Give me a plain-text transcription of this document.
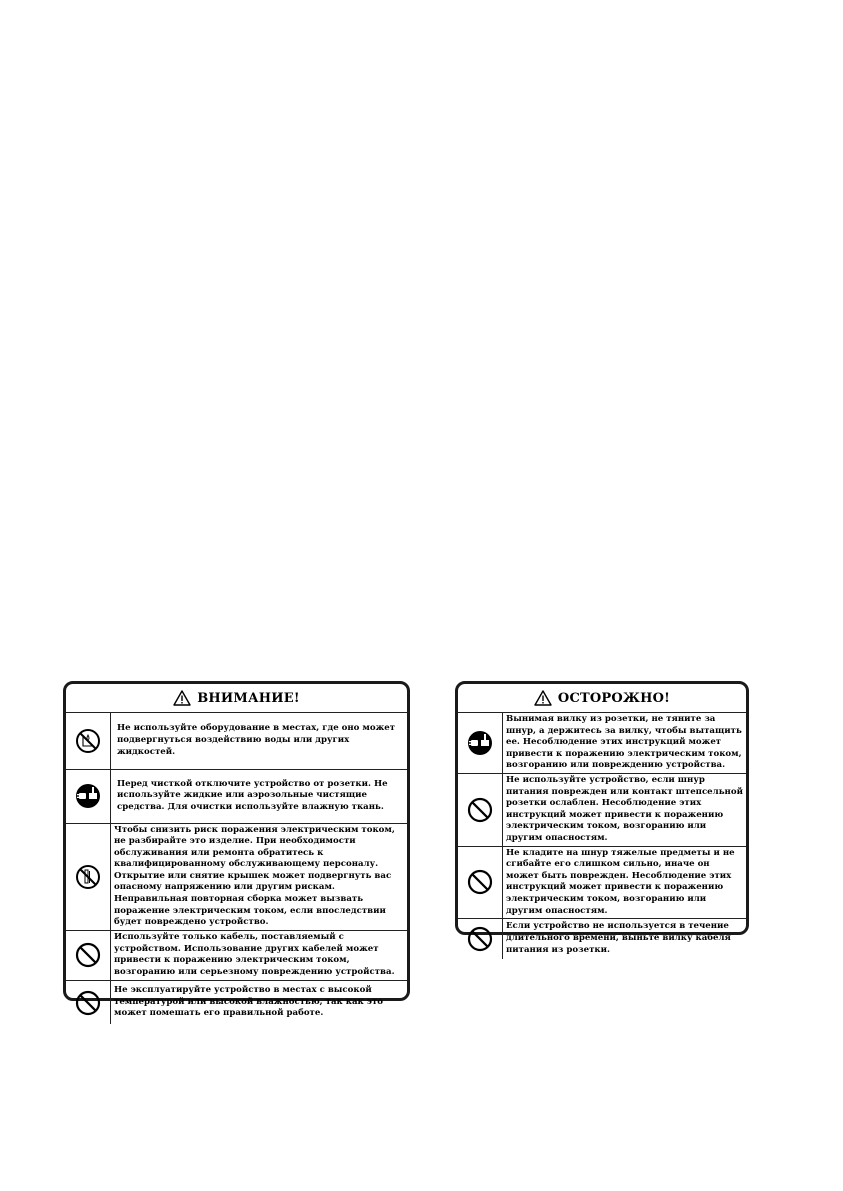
ВНИМАНИЕ!
	Не используйте оборудование в местах, где оно может подвергнуться воздействию воды или других жидкостей.
	Перед чисткой отключите устройство от розетки. Не используйте жидкие или аэрозольные чистящие средства. Для очистки используйте влажную ткань.
	Чтобы снизить риск поражения электрическим током, не разбирайте это изделие. При необходимости обслуживания или ремонта обратитесь к квалифицированному обслуживающему персоналу. Открытие или снятие крышек может подвергнуть вас опасному напряжению или другим рискам. Неправильная повторная сборка может вызвать поражение электрическим током, если впоследствии будет повреждено устройство.
	Используйте только кабель, поставляемый с устройством. Использование других кабелей может привести к поражению электрическим током, возгоранию или серьезному повреждению устройства.
	Не эксплуатируйте устройство в местах с высокой температурой или высокой влажностью, так как это может помешать его правильной работе.
ОСТОРОЖНО!
	Вынимая вилку из розетки, не тяните за шнур, а держитесь за вилку, чтобы вытащить ее. Несоблюдение этих инструкций может привести к поражению электрическим током, возгоранию или повреждению устройства.
	Не используйте устройство, если шнур питания поврежден или контакт штепсельной розетки ослаблен. Несоблюдение этих инструкций может привести к поражению электрическим током, возгоранию или другим опасностям.
	Не кладите на шнур тяжелые предметы и не сгибайте его слишком сильно, иначе он может быть поврежден. Несоблюдение этих инструкций может привести к поражению электрическим током, возгоранию или другим опасностям.
	Если устройство не используется в течение длительного времени, выньте вилку кабеля питания из розетки.
